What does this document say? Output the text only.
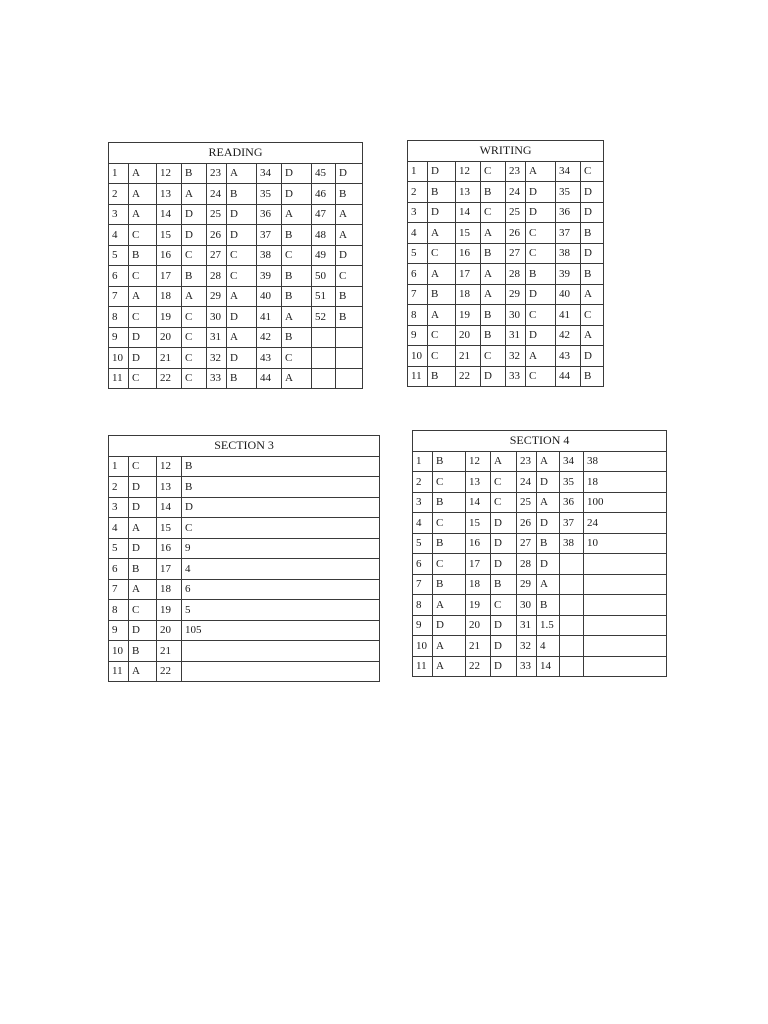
READING									
1	A	12	B	23	A	34	D	45	D
2	A	13	A	24	B	35	D	46	B
3	A	14	D	25	D	36	A	47	A
4	C	15	D	26	D	37	B	48	A
5	B	16	C	27	C	38	C	49	D
6	C	17	B	28	C	39	B	50	C
7	A	18	A	29	A	40	B	51	B
8	C	19	C	30	D	41	A	52	B
9	D	20	C	31	A	42	B		
10	D	21	C	32	D	43	C		
11	C	22	C	33	B	44	A		
WRITING							
1	D	12	C	23	A	34	C
2	B	13	B	24	D	35	D
3	D	14	C	25	D	36	D
4	A	15	A	26	C	37	B
5	C	16	B	27	C	38	D
6	A	17	A	28	B	39	B
7	B	18	A	29	D	40	A
8	A	19	B	30	C	41	C
9	C	20	B	31	D	42	A
10	C	21	C	32	A	43	D
11	B	22	D	33	C	44	B
SECTION 3			
1	C	12	B
2	D	13	B
3	D	14	D
4	A	15	C
5	D	16	9
6	B	17	4
7	A	18	6
8	C	19	5
9	D	20	105
10	B	21	
11	A	22	
SECTION 4							
1	B	12	A	23	A	34	38
2	C	13	C	24	D	35	18
3	B	14	C	25	A	36	100
4	C	15	D	26	D	37	24
5	B	16	D	27	B	38	10
6	C	17	D	28	D		
7	B	18	B	29	A		
8	A	19	C	30	B		
9	D	20	D	31	1.5		
10	A	21	D	32	4		
11	A	22	D	33	14		
